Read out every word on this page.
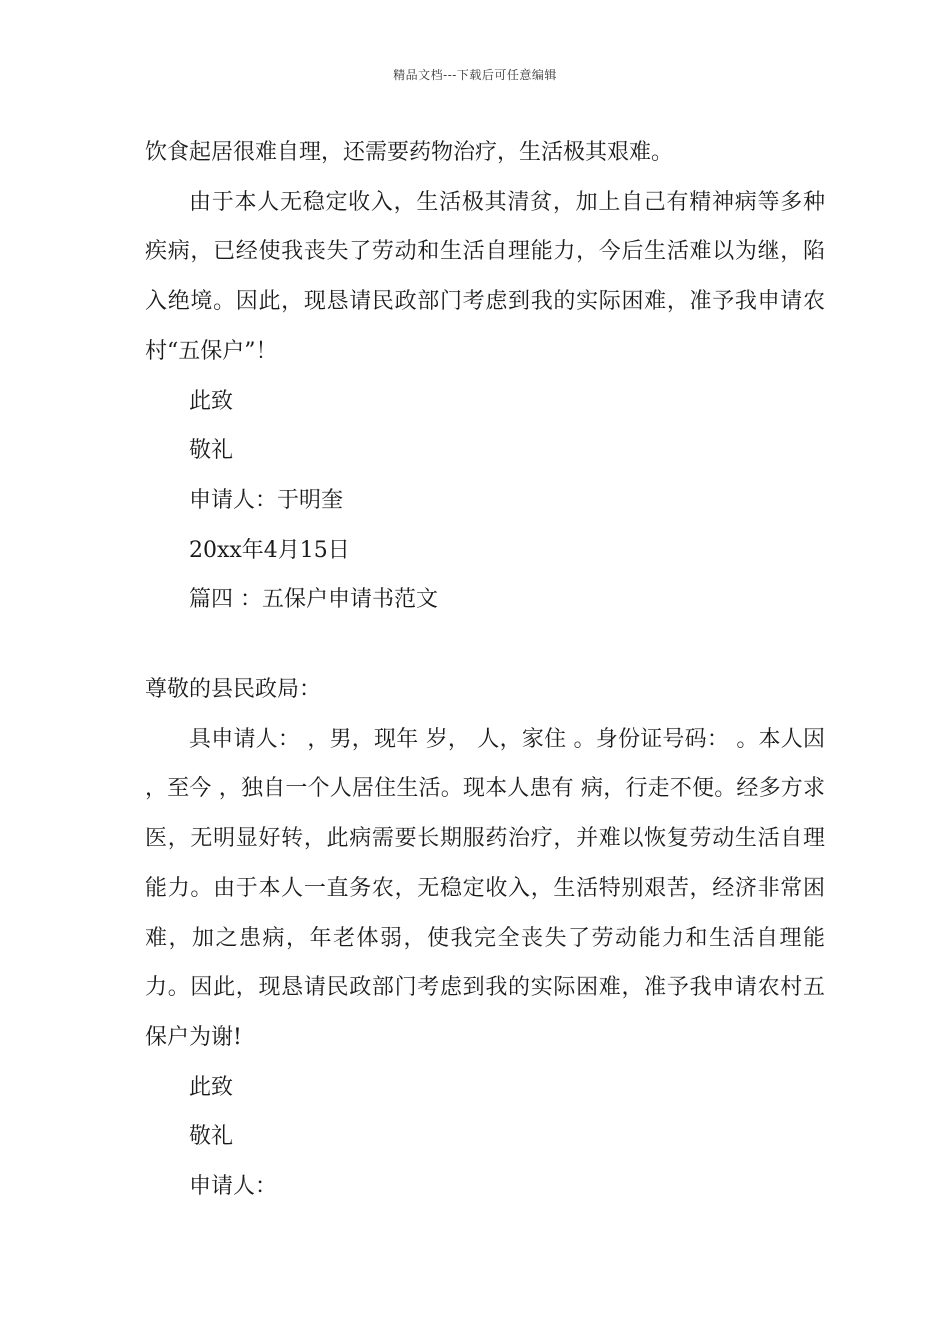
精品文档---下载后可任意编辑

饮食起居很难自理，还需要药物治疗，生活极其艰难。

由于本人无稳定收入，生活极其清贫，加上自己有精神病等多种疾病，已经使我丧失了劳动和生活自理能力，今后生活难以为继，陷入绝境。因此，现恳请民政部门考虑到我的实际困难，准予我申请农村“五保户”！

此致

敬礼

申请人：于明奎

20xx年4月15日

篇四 ：五保户申请书范文

尊敬的县民政局：

具申请人： ，男，现年 岁， 人，家住 。身份证号码： 。本人因 ，至今 ，独自一个人居住生活。现本人患有 病，行走不便。经多方求医，无明显好转，此病需要长期服药治疗，并难以恢复劳动生活自理能力。由于本人一直务农，无稳定收入，生活特别艰苦，经济非常困难，加之患病，年老体弱，使我完全丧失了劳动能力和生活自理能力。因此，现恳请民政部门考虑到我的实际困难，准予我申请农村五保户为谢!

此致

敬礼

申请人：
